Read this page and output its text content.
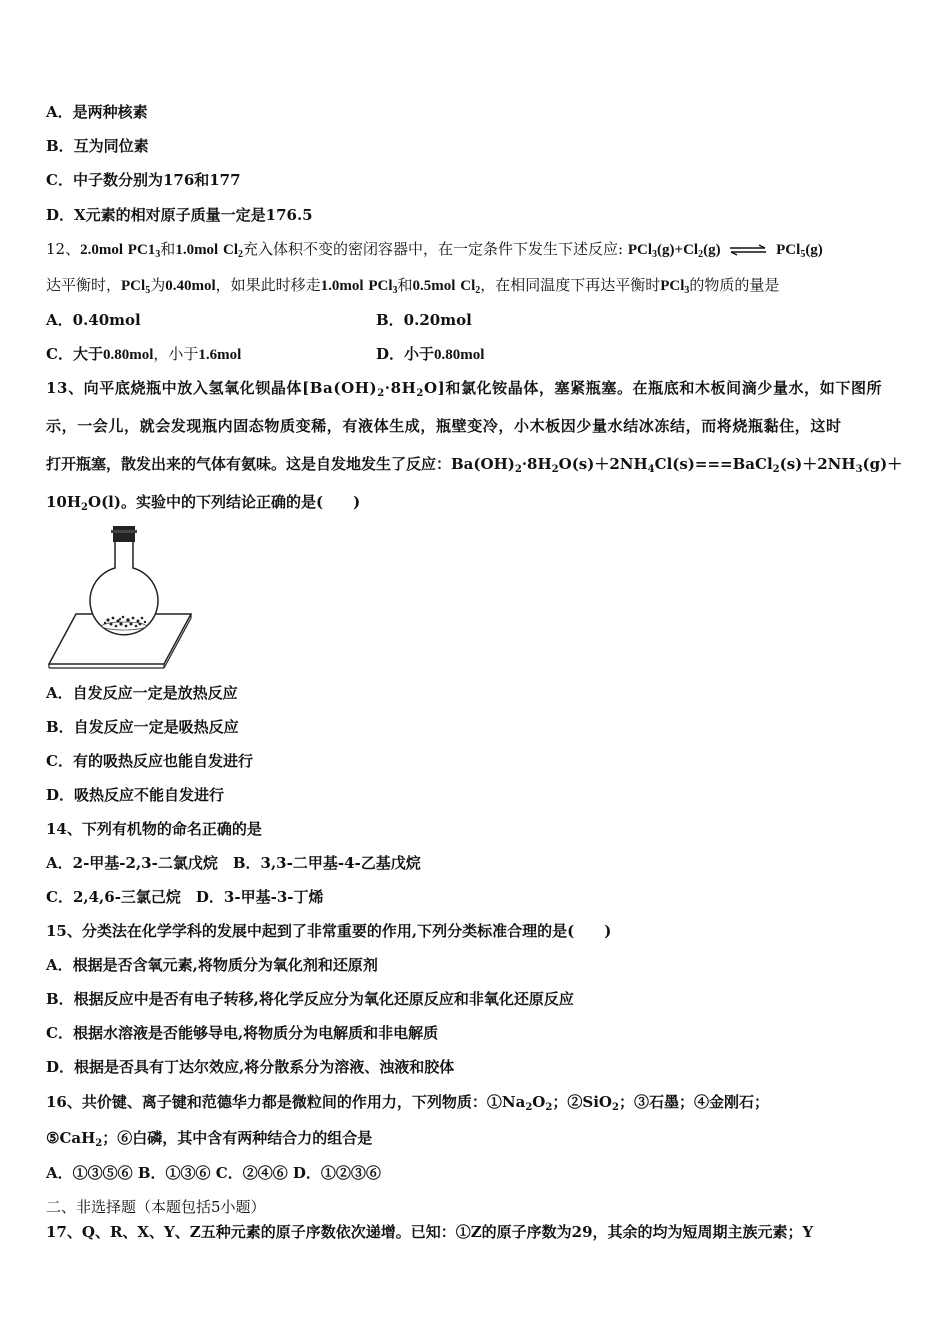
A．是两种核素
B．互为同位素
C．中子数分别为176和177
D．X元素的相对原子质量一定是176.5
12、2.0mol $PC1_3$和1.0mol $Cl_2$充入体积不变的密闭容器中，在一定条件下发生下述反应: $PCl_3(g)+Cl_2(g)$ ⇌ PCl$_5$(g)
达平衡时，PCl$_5$为0.40mol，如果此时移走1.0mol PCl$_3$和0.5mol $Cl_2$，在相同温度下再达平衡时PCl$_3$的物质的量是
A．0.40mol	B．0.20mol
C．大于0.80mol，小于1.6mol	D．小于0.80mol
13、向平底烧瓶中放入氢氧化钡晶体$[Ba(OH)_2\cdot 8H_2O]$和氯化铵晶体，塞紧瓶塞。在瓶底和木板间滴少量水，如下图所
示，一会儿，就会发现瓶内固态物质变稀，有液体生成，瓶壁变冷，小木板因少量水结冰冻结，而将烧瓶黏住，这时
打开瓶塞，散发出来的气体有氨味。这是自发地发生了反应：$Ba(OH)_2\cdot 8H_2O(s)+2NH_4Cl(s)===BaCl_2(s)+2NH_3(g)+$
$10H_2O(l)$。实验中的下列结论正确的是(　　)
A．自发反应一定是放热反应
B．自发反应一定是吸热反应
C．有的吸热反应也能自发进行
D．吸热反应不能自发进行
14、下列有机物的命名正确的是
A．2-甲基-2,3-二氯戊烷　B．3,3-二甲基-4-乙基戊烷
C．2,4,6-三氯己烷　D．3-甲基-3-丁烯
15、分类法在化学学科的发展中起到了非常重要的作用,下列分类标准合理的是(　　)
A．根据是否含氧元素,将物质分为氧化剂和还原剂
B．根据反应中是否有电子转移,将化学反应分为氧化还原反应和非氧化还原反应
C．根据水溶液是否能够导电,将物质分为电解质和非电解质
D．根据是否具有丁达尔效应,将分散系分为溶液、浊液和胶体
16、共价键、离子键和范德华力都是微粒间的作用力，下列物质：$①Na_2O_2$；②SiO$_2$；③石墨；④金刚石；
⑤CaH$_2$；⑥白磷，其中含有两种结合力的组合是
A．①③⑤⑥ B．①③⑥ C．②④⑥ D．①②③⑥
二、非选择题（本题包括5小题）
17、Q、R、X、Y、Z五种元素的原子序数依次递增。已知：①Z的原子序数为29，其余的均为短周期主族元素；Y
